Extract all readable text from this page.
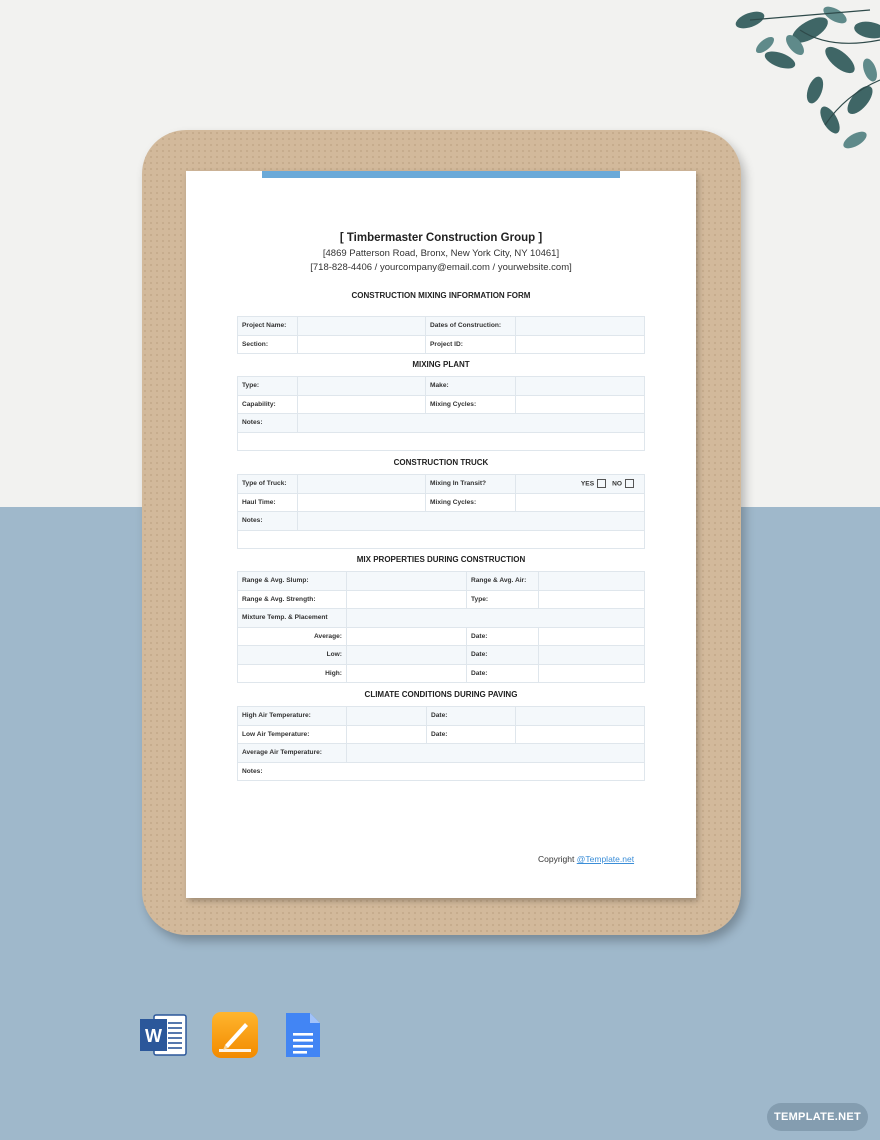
[ Timbermaster Construction Group ]
[4869 Patterson Road, Bronx, New York City, NY 10461]
[718-828-4406 / yourcompany@email.com / yourwebsite.com]
CONSTRUCTION MIXING INFORMATION FORM
Project Name:		Dates of Construction:	
Section:		Project ID:	
MIXING PLANT
Type:		Make:	
Capability:		Mixing Cycles:	
Notes:			

CONSTRUCTION TRUCK
Type of Truck:		Mixing In Transit?	YES NO
Haul Time:		Mixing Cycles:	
Notes:			

MIX PROPERTIES DURING CONSTRUCTION
Range & Avg. Slump:		Range & Avg. Air:	
Range & Avg. Strength:		Type:	
Mixture Temp. & Placement			
Average:		Date:	
Low:		Date:	
High:		Date:	
CLIMATE CONDITIONS DURING PAVING
High Air Temperature:		Date:	
Low Air Temperature:		Date:	
Average Air Temperature:			
Notes:			
Copyright @Template.net
W
TEMPLATE.NET
